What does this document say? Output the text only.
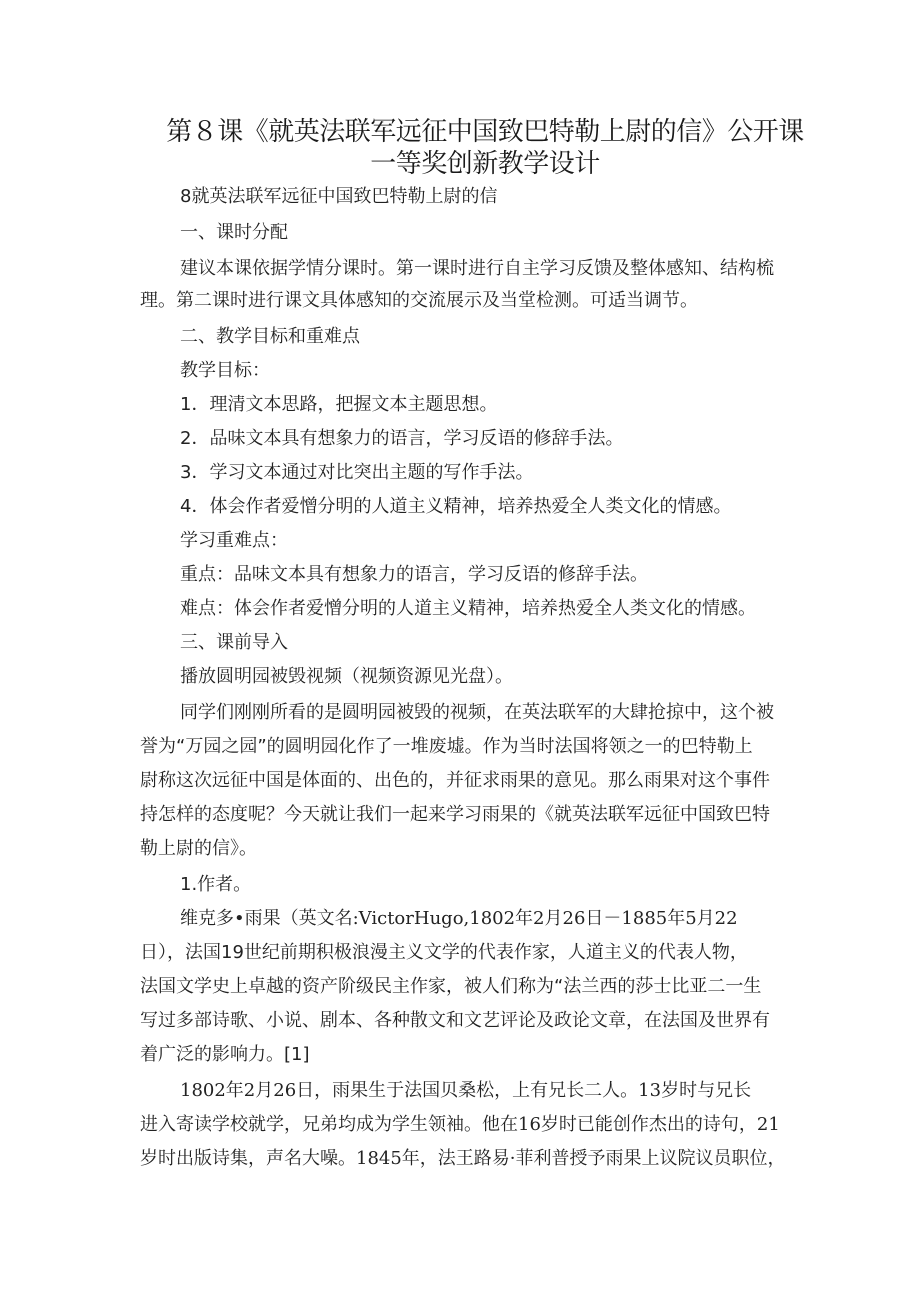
第８课《就英法联军远征中国致巴特勒上尉的信》公开课
一等奖创新教学设计
8就英法联军远征中国致巴特勒上尉的信
一、课时分配
建议本课依据学情分课时。第一课时进行自主学习反馈及整体感知、结构梳
理。第二课时进行课文具体感知的交流展示及当堂检测。可适当调节。
二、教学目标和重难点
教学目标：
1．理清文本思路，把握文本主题思想。
2．品味文本具有想象力的语言，学习反语的修辞手法。
3．学习文本通过对比突出主题的写作手法。
4．体会作者爱憎分明的人道主义精神，培养热爱全人类文化的情感。
学习重难点：
重点：品味文本具有想象力的语言，学习反语的修辞手法。
难点：体会作者爱憎分明的人道主义精神，培养热爱全人类文化的情感。
三、课前导入
播放圆明园被毁视频（视频资源见光盘）。
同学们刚刚所看的是圆明园被毁的视频，在英法联军的大肆抢掠中，这个被
誉为“万园之园”的圆明园化作了一堆废墟。作为当时法国将领之一的巴特勒上
尉称这次远征中国是体面的、出色的，并征求雨果的意见。那么雨果对这个事件
持怎样的态度呢？今天就让我们一起来学习雨果的《就英法联军远征中国致巴特
勒上尉的信》。
1.作者。
维克多•雨果（英文名:VictorHugo,1802年2月26日－1885年5月22
日），法国19世纪前期积极浪漫主义文学的代表作家，人道主义的代表人物，
法国文学史上卓越的资产阶级民主作家，被人们称为“法兰西的莎士比亚二一生
写过多部诗歌、小说、剧本、各种散文和文艺评论及政论文章，在法国及世界有
着广泛的影响力。[1]
1802年2月26日，雨果生于法国贝桑松，上有兄长二人。13岁时与兄长
进入寄读学校就学，兄弟均成为学生领袖。他在16岁时已能创作杰出的诗句，21
岁时出版诗集，声名大噪。1845年，法王路易·菲利普授予雨果上议院议员职位，
